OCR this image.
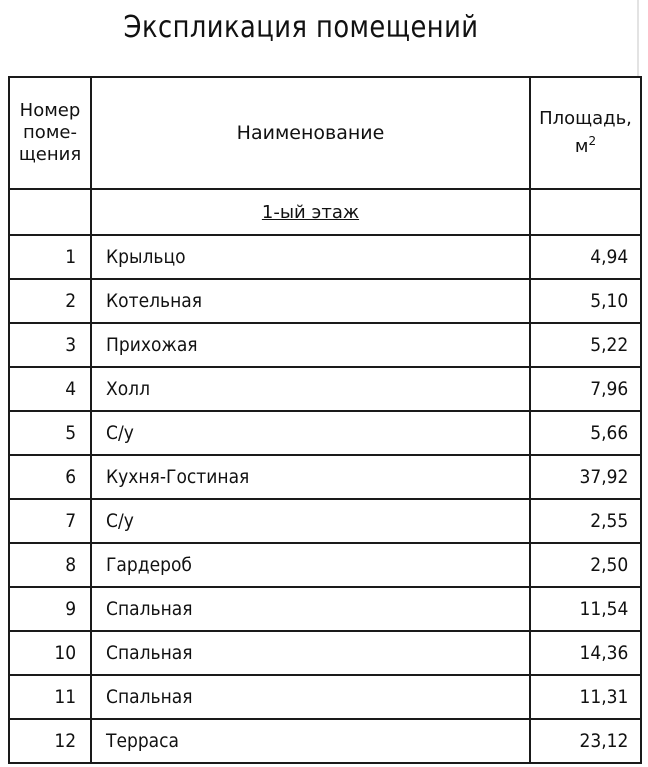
Экспликация помещений
Номер
поме-
щения	Наименование	Площадь,
$м^2$
	1-ый этаж	
1	Крыльцо	4,94
2	Котельная	5,10
3	Прихожая	5,22
4	Холл	7,96
5	С/у	5,66
6	Кухня-Гостиная	37,92
7	С/у	2,55
8	Гардероб	2,50
9	Спальная	11,54
10	Спальная	14,36
11	Спальная	11,31
12	Терраса	23,12
